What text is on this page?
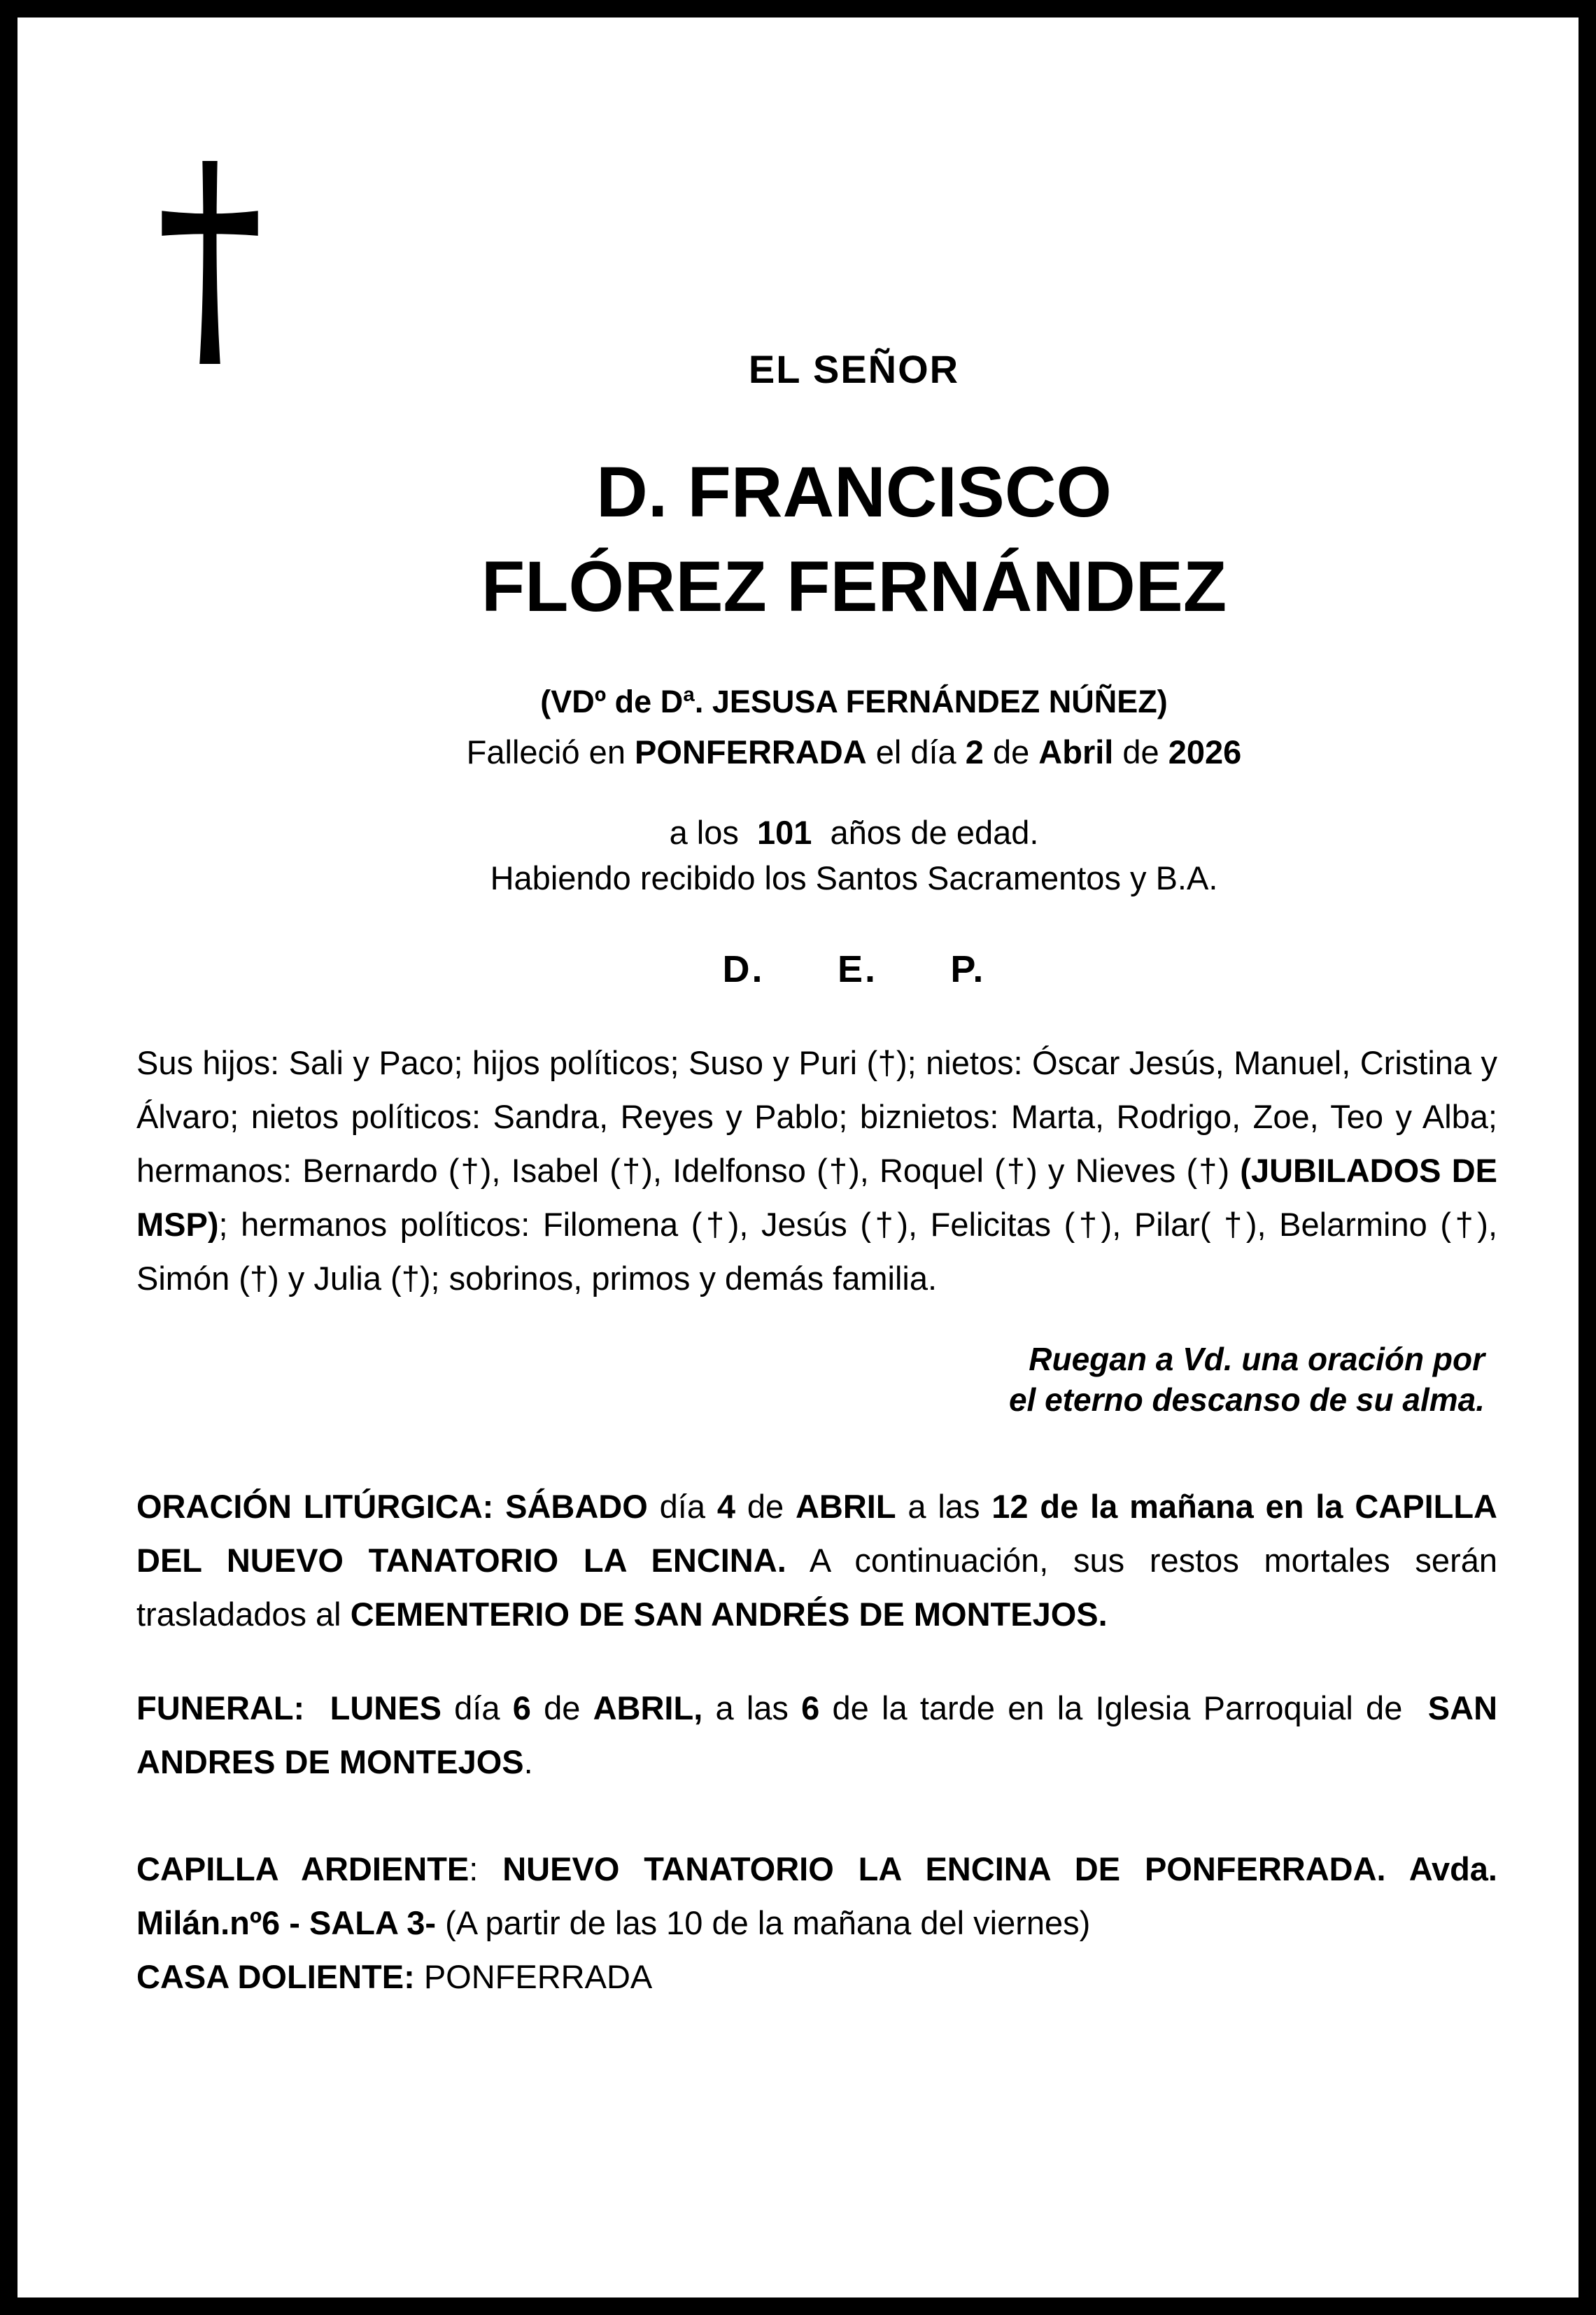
EL SEÑOR
D. FRANCISCO
FLÓREZ FERNÁNDEZ
(VDº de Dª. JESUSA FERNÁNDEZ NÚÑEZ)
Falleció en PONFERRADA el día 2 de Abril de 2026
a los  101  años de edad.
Habiendo recibido los Santos Sacramentos y B.A.
D. E. P.

Sus hijos: Sali y Paco; hijos políticos; Suso y Puri (†); nietos: Óscar Jesús, Manuel, Cristina y Álvaro; nietos políticos: Sandra, Reyes y Pablo; biznietos: Marta, Rodrigo, Zoe, Teo y Alba; hermanos: Bernardo (†), Isabel (†), Idelfonso (†), Roquel (†) y Nieves (†) (JUBILADOS DE MSP); hermanos políticos: Filomena (†), Jesús (†), Felicitas (†), Pilar( †), Belarmino (†), Simón (†) y Julia (†); sobrinos, primos y demás familia.

Ruegan a Vd. una oración por
el eterno descanso de su alma.

ORACIÓN LITÚRGICA: SÁBADO día 4 de ABRIL a las 12 de la mañana en la CAPILLA DEL NUEVO TANATORIO LA ENCINA. A continuación, sus restos mortales serán trasladados al CEMENTERIO DE SAN ANDRÉS DE MONTEJOS.

FUNERAL:  LUNES día 6 de ABRIL, a las 6 de la tarde en la Iglesia Parroquial de  SAN ANDRES DE MONTEJOS.

CAPILLA ARDIENTE: NUEVO TANATORIO LA ENCINA DE PONFERRADA. Avda. Milán.nº6 - SALA 3- (A partir de las 10 de la mañana del viernes)

CASA DOLIENTE: PONFERRADA
